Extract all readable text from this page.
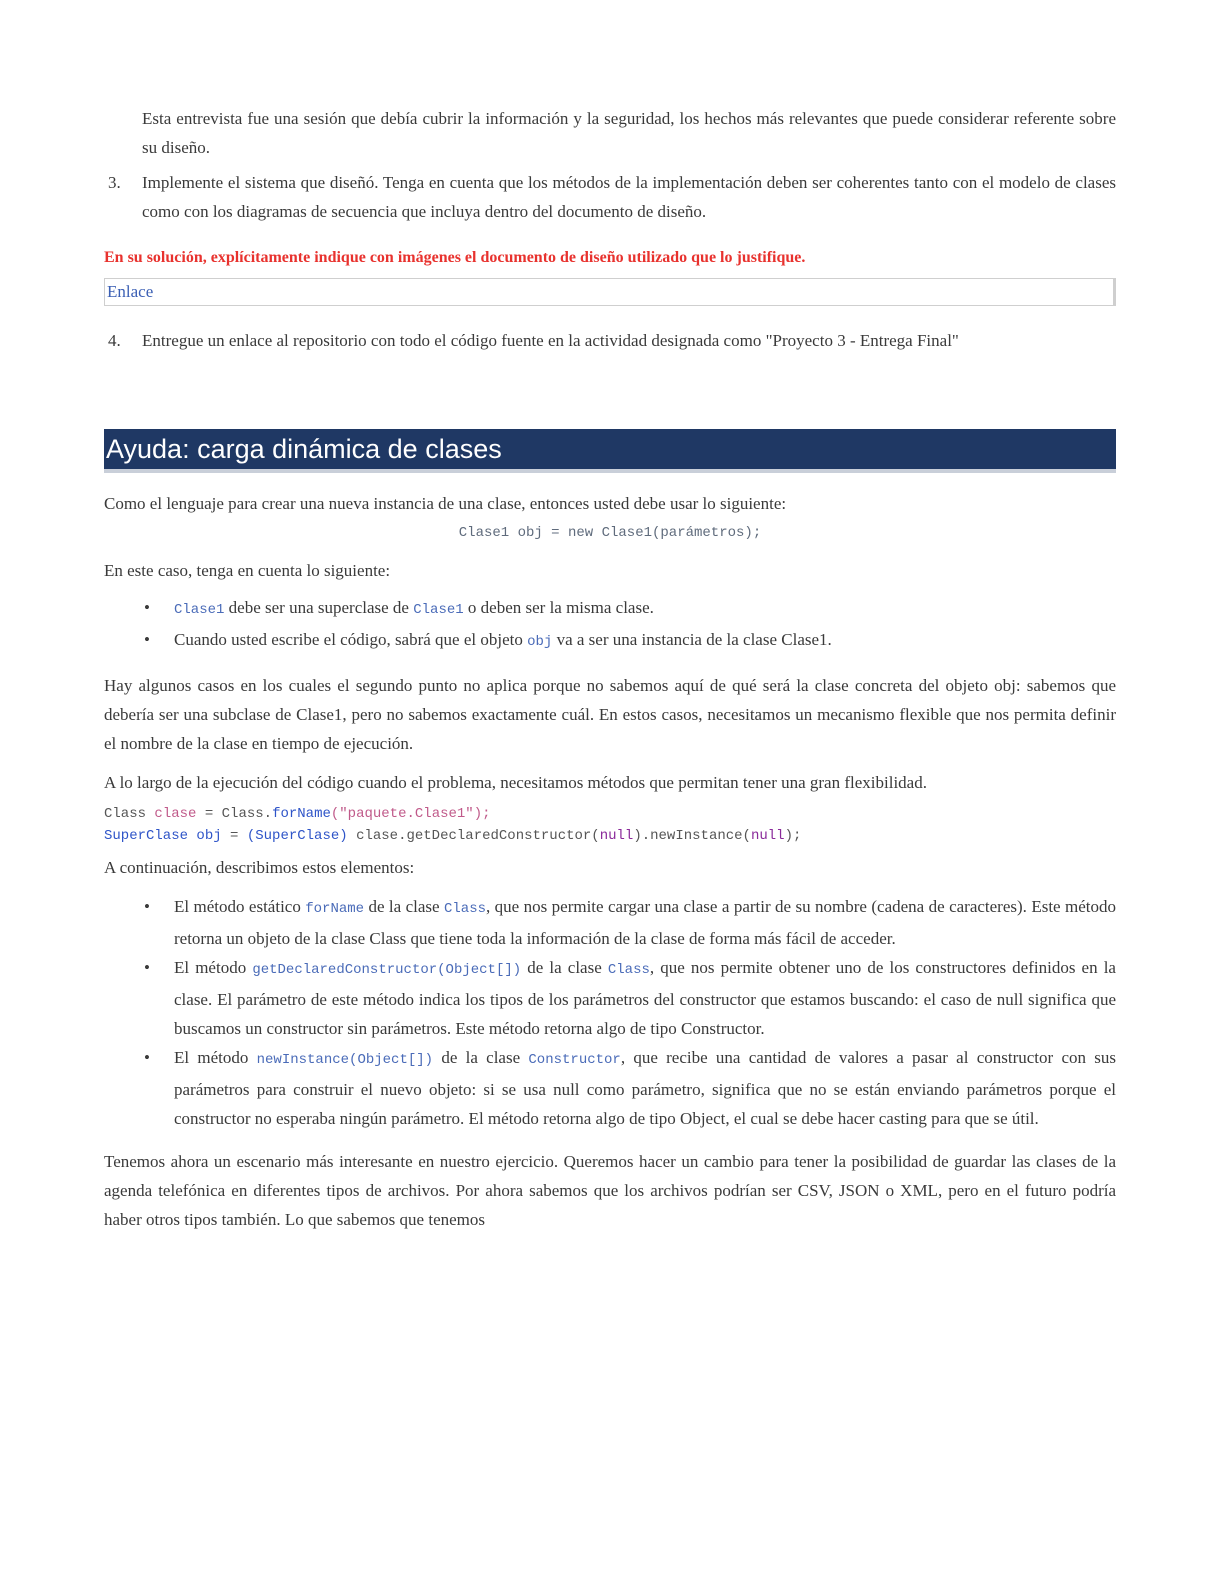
Esta entrevista fue una sesión que debía cubrir la información y la seguridad, los hechos más relevantes que puede considerar referente sobre su diseño.

3. Implemente el sistema que diseñó. Tenga en cuenta que los métodos de la implementación deben ser coherentes tanto con el modelo de clases como con los diagramas de secuencia que incluya dentro del documento de diseño.
En su solución, explícitamente indique con imágenes el documento de diseño utilizado que lo justifique.
Enlace
4. Entregue un enlace al repositorio con todo el código fuente en la actividad designada como "Proyecto 3 - Entrega Final"
Ayuda: carga dinámica de clases

Como el lenguaje para crear una nueva instancia de una clase, entonces usted debe usar lo siguiente:

Clase1 obj = new Clase1(parámetros);

En este caso, tenga en cuenta lo siguiente:

• Clase1 debe ser una superclase de Clase1 o deben ser la misma clase.
• Cuando usted escribe el código, sabrá que el objeto obj va a ser una instancia de la clase Clase1.

Hay algunos casos en los cuales el segundo punto no aplica porque no sabemos aquí de qué será la clase concreta del objeto obj: sabemos que debería ser una subclase de Clase1, pero no sabemos exactamente cuál. En estos casos, necesitamos un mecanismo flexible que nos permita definir el nombre de la clase en tiempo de ejecución.

A lo largo de la ejecución del código cuando el problema, necesitamos métodos que permitan tener una gran flexibilidad.

Class clase = Class.forName("paquete.Clase1");
SuperClase obj = (SuperClase) clase.getDeclaredConstructor(null).newInstance(null);

A continuación, describimos estos elementos:

• El método estático forName de la clase Class, que nos permite cargar una clase a partir de su nombre (cadena de caracteres). Este método retorna un objeto de la clase Class que tiene toda la información de la clase de forma más fácil de acceder.
• El método getDeclaredConstructor(Object[]) de la clase Class, que nos permite obtener uno de los constructores definidos en la clase. El parámetro de este método indica los tipos de los parámetros del constructor que estamos buscando: el caso de null significa que buscamos un constructor sin parámetros. Este método retorna algo de tipo Constructor.
• El método newInstance(Object[]) de la clase Constructor, que recibe una cantidad de valores a pasar al constructor con sus parámetros para construir el nuevo objeto: si se usa null como parámetro, significa que no se están enviando parámetros porque el constructor no esperaba ningún parámetro. El método retorna algo de tipo Object, el cual se debe hacer casting para que se útil.

Tenemos ahora un escenario más interesante en nuestro ejercicio. Queremos hacer un cambio para tener la posibilidad de guardar las clases de la agenda telefónica en diferentes tipos de archivos. Por ahora sabemos que los archivos podrían ser CSV, JSON o XML, pero en el futuro podría haber otros tipos también. Lo que sabemos que tenemos
